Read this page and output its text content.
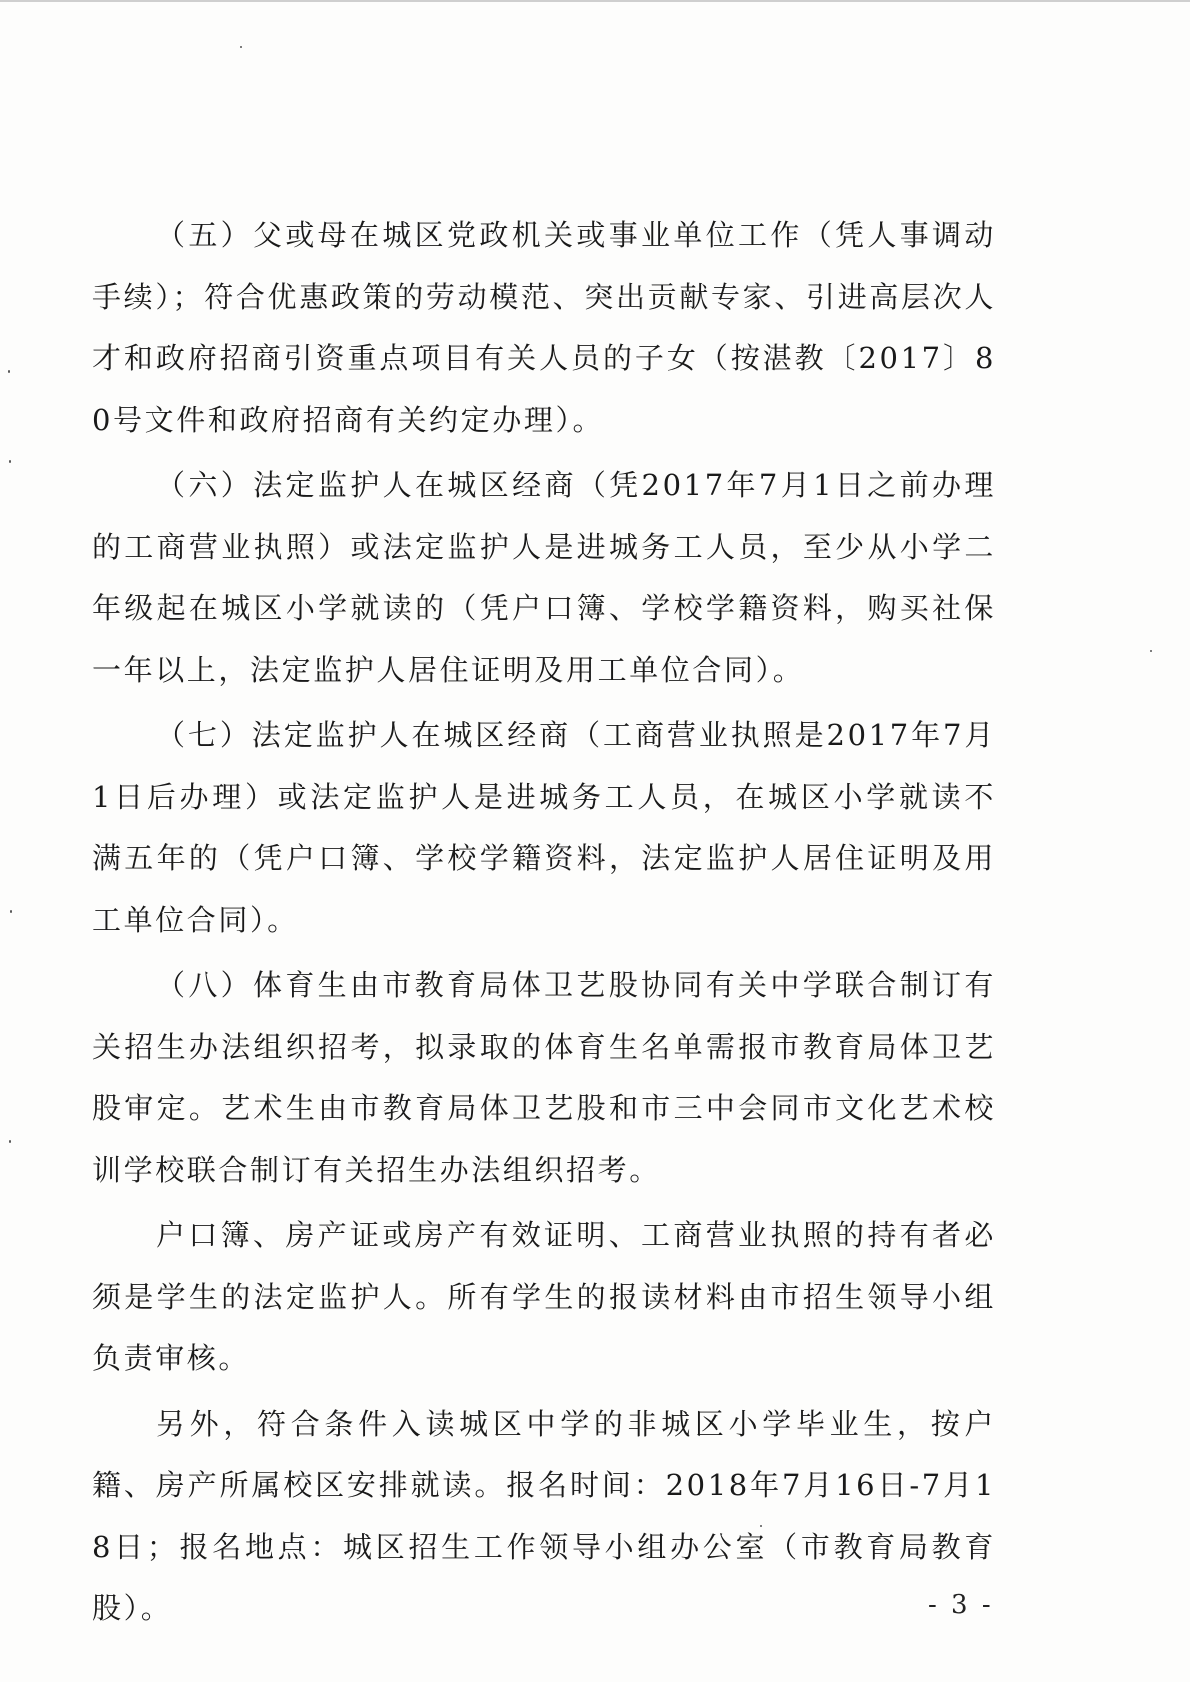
（五）父或母在城区党政机关或事业单位工作（凭人事调动手续）；符合优惠政策的劳动模范、突出贡献专家、引进高层次人才和政府招商引资重点项目有关人员的子女（按湛教〔2017〕80号文件和政府招商有关约定办理）。

（六）法定监护人在城区经商（凭2017年7月1日之前办理的工商营业执照）或法定监护人是进城务工人员，至少从小学二年级起在城区小学就读的（凭户口簿、学校学籍资料，购买社保一年以上，法定监护人居住证明及用工单位合同）。

（七）法定监护人在城区经商（工商营业执照是2017年7月1日后办理）或法定监护人是进城务工人员，在城区小学就读不满五年的（凭户口簿、学校学籍资料，法定监护人居住证明及用工单位合同）。

（八）体育生由市教育局体卫艺股协同有关中学联合制订有关招生办法组织招考，拟录取的体育生名单需报市教育局体卫艺股审定。艺术生由市教育局体卫艺股和市三中会同市文化艺术校训学校联合制订有关招生办法组织招考。

户口簿、房产证或房产有效证明、工商营业执照的持有者必须是学生的法定监护人。所有学生的报读材料由市招生领导小组负责审核。

另外，符合条件入读城区中学的非城区小学毕业生，按户籍、房产所属校区安排就读。报名时间：2018年7月16日-7月18日；报名地点：城区招生工作领导小组办公室（市教育局教育股）。	- 3 -
